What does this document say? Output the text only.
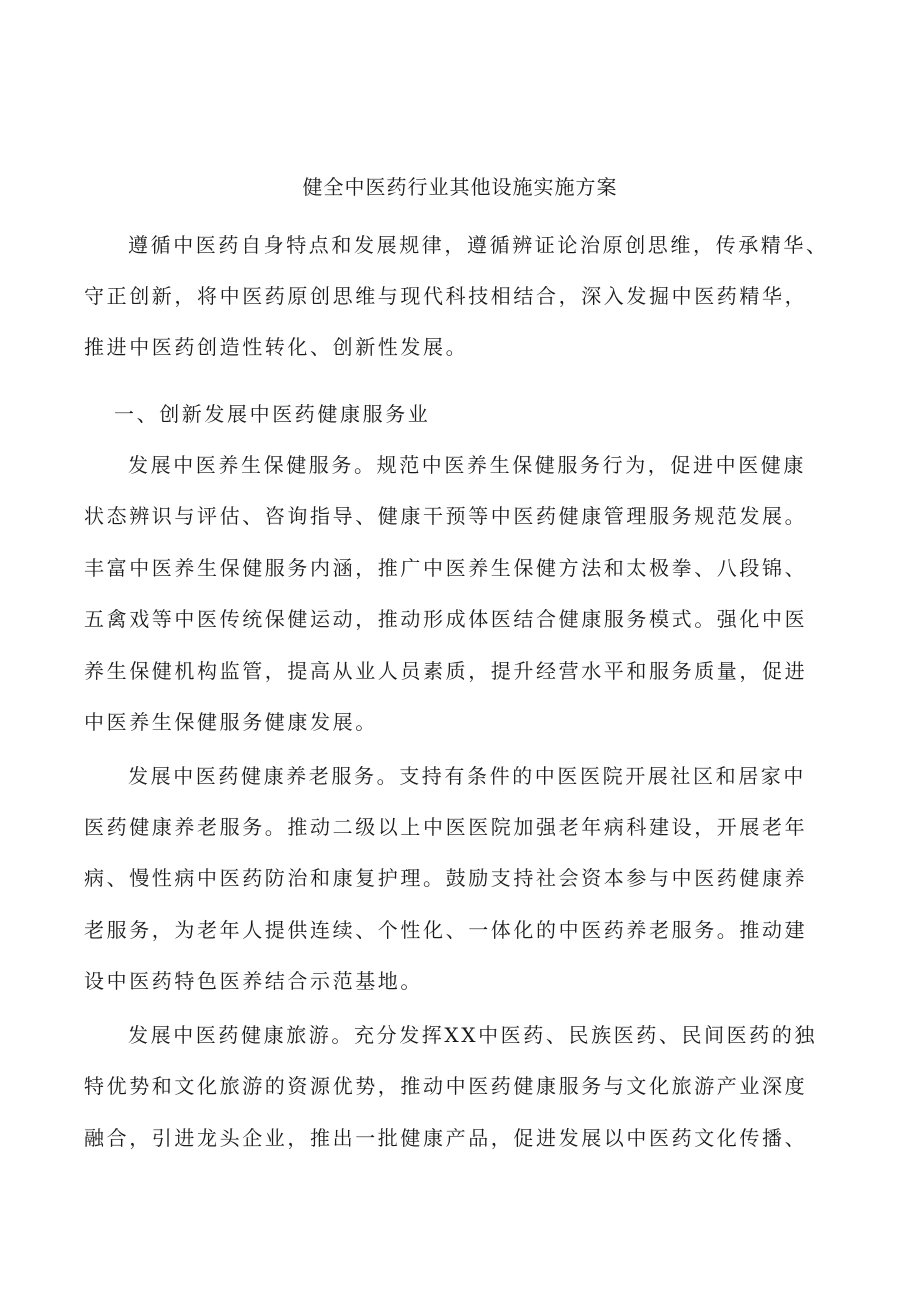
健全中医药行业其他设施实施方案
遵循中医药自身特点和发展规律，遵循辨证论治原创思维，传承精华、
守正创新，将中医药原创思维与现代科技相结合，深入发掘中医药精华，
推进中医药创造性转化、创新性发展。
一、创新发展中医药健康服务业
发展中医养生保健服务。规范中医养生保健服务行为，促进中医健康
状态辨识与评估、咨询指导、健康干预等中医药健康管理服务规范发展。
丰富中医养生保健服务内涵，推广中医养生保健方法和太极拳、八段锦、
五禽戏等中医传统保健运动，推动形成体医结合健康服务模式。强化中医
养生保健机构监管，提高从业人员素质，提升经营水平和服务质量，促进
中医养生保健服务健康发展。
发展中医药健康养老服务。支持有条件的中医医院开展社区和居家中
医药健康养老服务。推动二级以上中医医院加强老年病科建设，开展老年
病、慢性病中医药防治和康复护理。鼓励支持社会资本参与中医药健康养
老服务，为老年人提供连续、个性化、一体化的中医药养老服务。推动建
设中医药特色医养结合示范基地。
发展中医药健康旅游。充分发挥XX中医药、民族医药、民间医药的独
特优势和文化旅游的资源优势，推动中医药健康服务与文化旅游产业深度
融合，引进龙头企业，推出一批健康产品，促进发展以中医药文化传播、
